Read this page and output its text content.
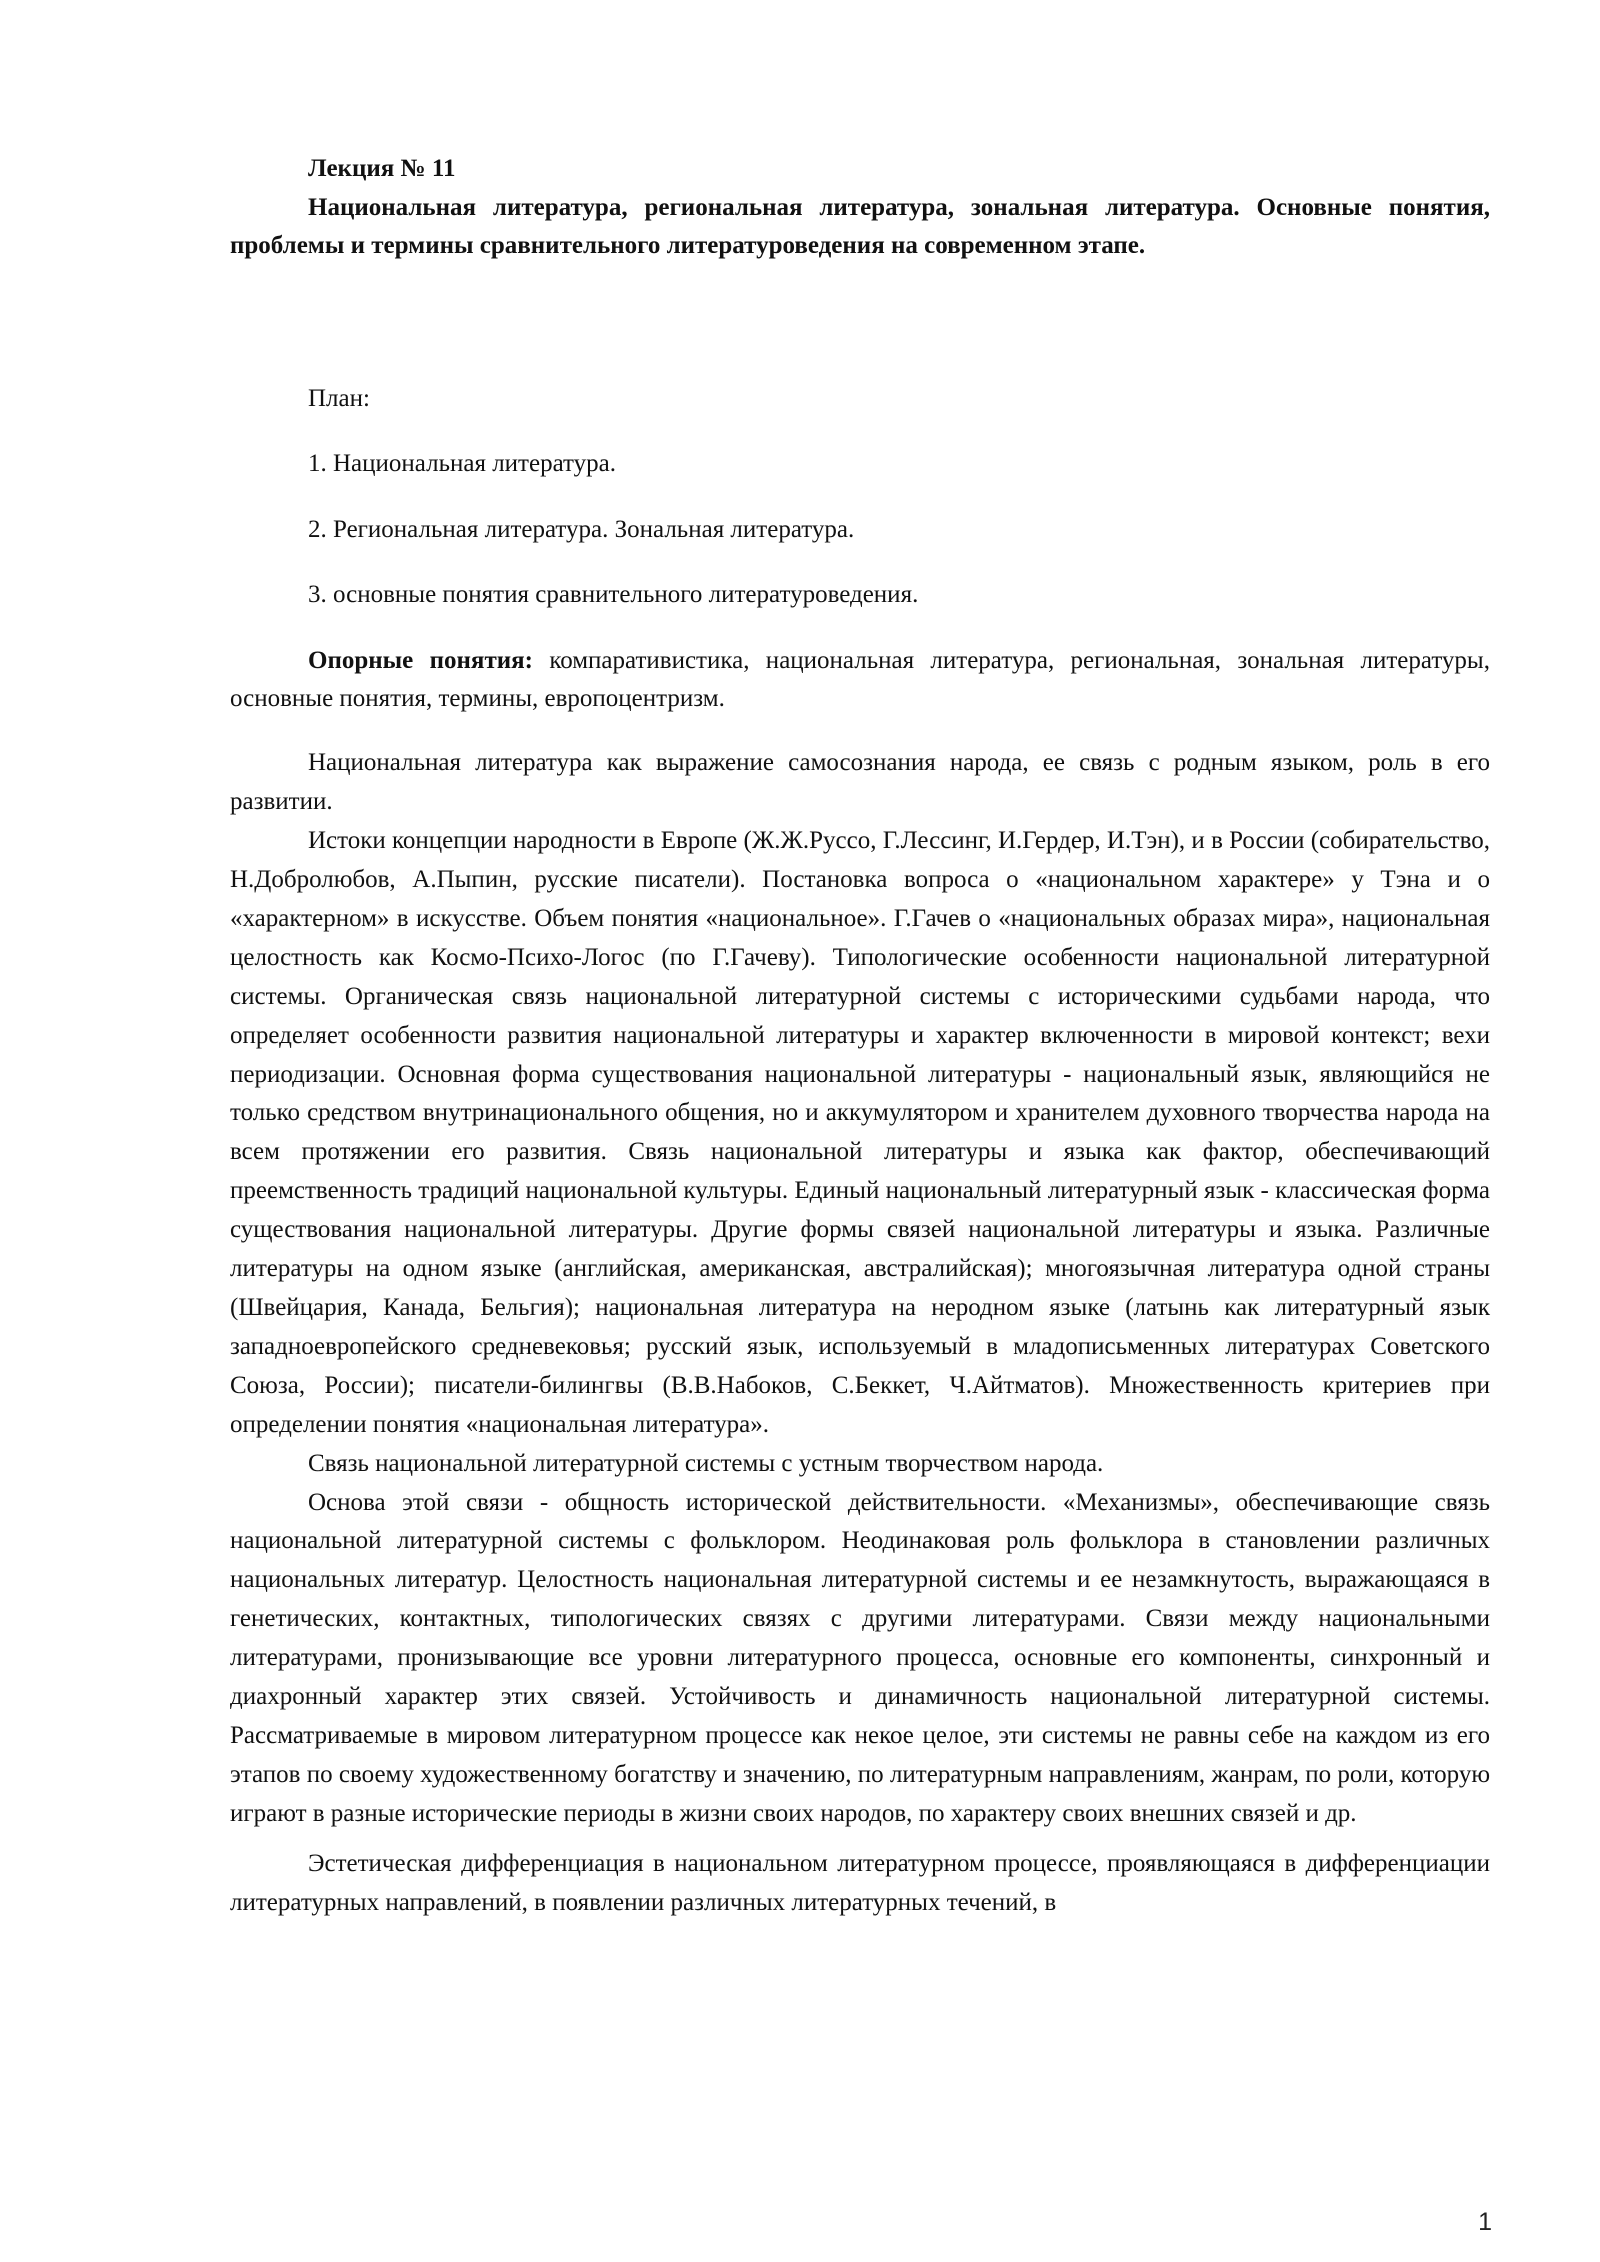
Лекция № 11

Национальная литература, региональная литература, зональная литература. Основные понятия, проблемы и термины сравнительного литературоведения на современном этапе.

План:

1. Национальная литература.
2. Региональная литература. Зональная литература.
3. основные понятия сравнительного литературоведения.

Опорные понятия: компаративистика, национальная литература, региональная, зональная литературы, основные понятия, термины, европоцентризм.

Национальная литература как выражение самосознания народа, ее связь с родным языком, роль в его развитии.

Истоки концепции народности в Европе (Ж.Ж.Руссо, Г.Лессинг, И.Гердер, И.Тэн), и в России (собирательство, Н.Добролюбов, А.Пыпин, русские писатели). Постановка вопроса о «национальном характере» у Тэна и о «характерном» в искусстве. Объем понятия «национальное». Г.Гачев о «национальных образах мира», национальная целостность как Космо-Психо-Логос (по Г.Гачеву). Типологические особенности национальной литературной системы. Органическая связь национальной литературной системы с историческими судьбами народа, что определяет особенности развития национальной литературы и характер включенности в мировой контекст; вехи периодизации. Основная форма существования национальной литературы - национальный язык, являющийся не только средством внутринационального общения, но и аккумулятором и хранителем духовного творчества народа на всем протяжении его развития. Связь национальной литературы и языка как фактор, обеспечивающий преемственность традиций национальной культуры. Единый национальный литературный язык - классическая форма существования национальной литературы. Другие формы связей национальной литературы и языка. Различные литературы на одном языке (английская, американская, австралийская); многоязычная литература одной страны (Швейцария, Канада, Бельгия); национальная литература на неродном языке (латынь как литературный язык западноевропейского средневековья; русский язык, используемый в младописьменных литературах Советского Союза, России); писатели-билингвы (В.В.Набоков, С.Беккет, Ч.Айтматов). Множественность критериев при определении понятия «национальная литература».

Связь национальной литературной системы с устным творчеством народа.

Основа этой связи - общность исторической действительности. «Механизмы», обеспечивающие связь национальной литературной системы с фольклором. Неодинаковая роль фольклора в становлении различных национальных литератур. Целостность национальная литературной системы и ее незамкнутость, выражающаяся в генетических, контактных, типологических связях с другими литературами. Связи между национальными литературами, пронизывающие все уровни литературного процесса, основные его компоненты, синхронный и диахронный характер этих связей. Устойчивость и динамичность национальной литературной системы. Рассматриваемые в мировом литературном процессе как некое целое, эти системы не равны себе на каждом из его этапов по своему художественному богатству и значению, по литературным направлениям, жанрам, по роли, которую играют в разные исторические периоды в жизни своих народов, по характеру своих внешних связей и др.

Эстетическая дифференциация в национальном литературном процессе, проявляющаяся в дифференциации литературных направлений, в появлении различных литературных течений, в

1
